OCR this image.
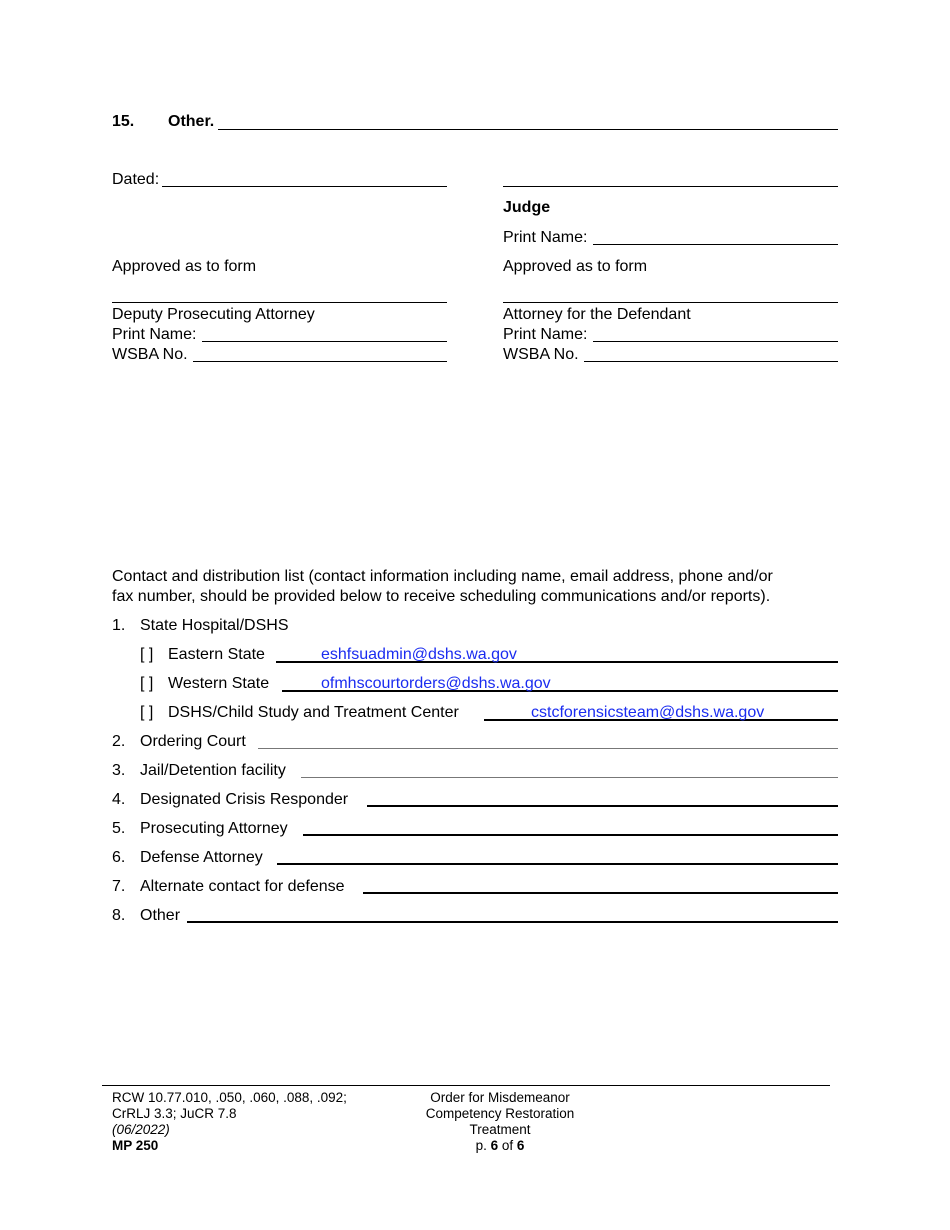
15. Other.
Dated:
Judge
Print Name:
Approved as to form	Approved as to form
Deputy Prosecuting Attorney
Print Name:
WSBA No.
Attorney for the Defendant
Print Name:
WSBA No.
Contact and distribution list (contact information including name, email address, phone and/or
fax number, should be provided below to receive scheduling communications and/or reports).
1. State Hospital/DSHS
[ ] Eastern State	eshfsuadmin@dshs.wa.gov
[ ] Western State	ofmhscourtorders@dshs.wa.gov
[ ] DSHS/Child Study and Treatment Center	cstcforensicsteam@dshs.wa.gov
2. Ordering Court
3. Jail/Detention facility
4. Designated Crisis Responder
5. Prosecuting Attorney
6. Defense Attorney
7. Alternate contact for defense
8. Other
RCW 10.77.010, .050, .060, .088, .092;
CrRLJ 3.3; JuCR 7.8
(06/2022)
MP 250
Order for Misdemeanor
Competency Restoration
Treatment
p. 6 of 6
